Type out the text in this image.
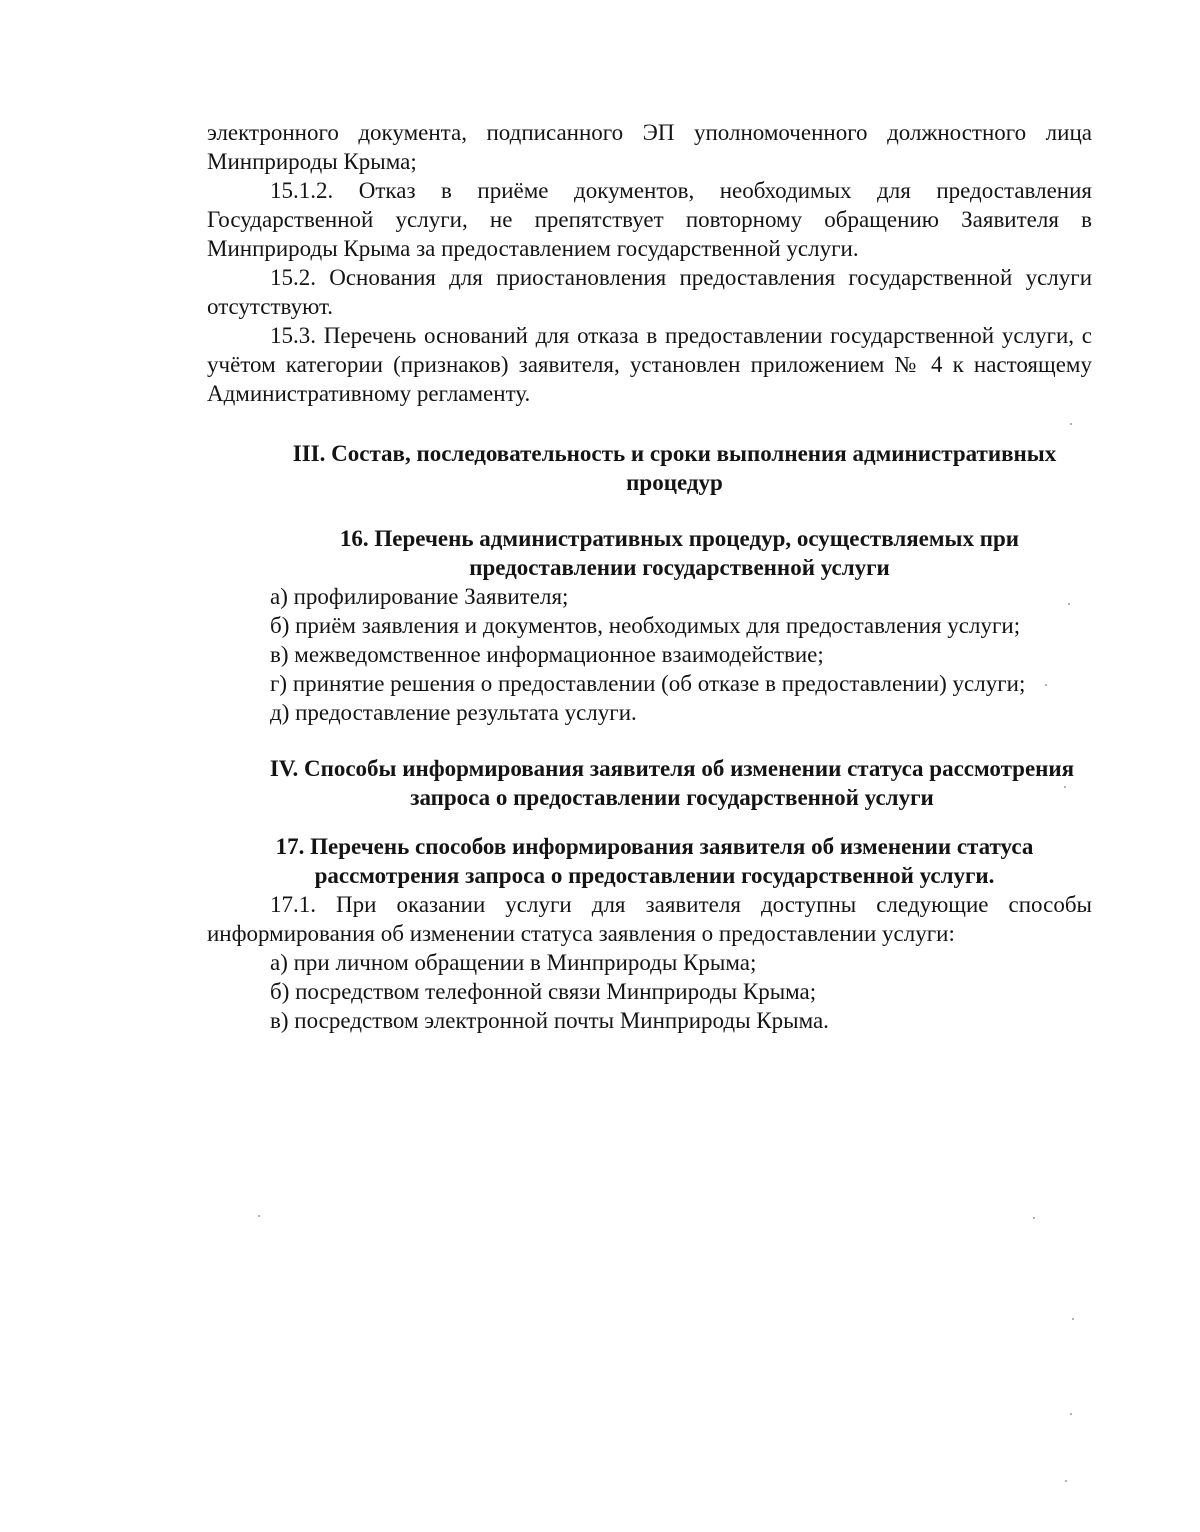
электронного документа, подписанного ЭП уполномоченного должностного лица Минприроды Крыма;

15.1.2. Отказ в приёме документов, необходимых для предоставления Государственной услуги, не препятствует повторному обращению Заявителя в Минприроды Крыма за предоставлением государственной услуги.

15.2. Основания для приостановления предоставления государственной услуги отсутствуют.

15.3. Перечень оснований для отказа в предоставлении государственной услуги, с учётом категории (признаков) заявителя, установлен приложением № 4 к настоящему Административному регламенту.

III. Состав, последовательность и сроки выполнения административных процедур
16. Перечень административных процедур, осуществляемых при предоставлении государственной услуги

а) профилирование Заявителя;

б) приём заявления и документов, необходимых для предоставления услуги;

в) межведомственное информационное взаимодействие;

г) принятие решения о предоставлении (об отказе в предоставлении) услуги;

д) предоставление результата услуги.

IV. Способы информирования заявителя об изменении статуса рассмотрения запроса о предоставлении государственной услуги
17. Перечень способов информирования заявителя об изменении статуса рассмотрения запроса о предоставлении государственной услуги.

17.1. При оказании услуги для заявителя доступны следующие способы информирования об изменении статуса заявления о предоставлении услуги:

а) при личном обращении в Минприроды Крыма;

б) посредством телефонной связи Минприроды Крыма;

в) посредством электронной почты Минприроды Крыма.
